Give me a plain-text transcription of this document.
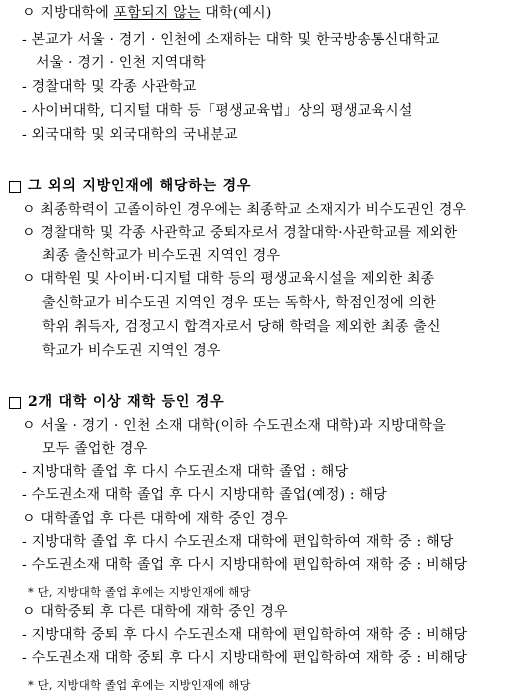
ㅇ 지방대학에 포함되지 않는 대학(예시)
- 본교가 서울 · 경기 · 인천에 소재하는 대학 및 한국방송통신대학교
서울 · 경기 · 인천 지역대학
- 경찰대학 및 각종 사관학교
- 사이버대학, 디지털 대학 등「평생교육법」상의 평생교육시설
- 외국대학 및 외국대학의 국내분교
그 외의 지방인재에 해당하는 경우
ㅇ 최종학력이 고졸이하인 경우에는 최종학교 소재지가 비수도권인 경우
ㅇ 경찰대학 및 각종 사관학교 중퇴자로서 경찰대학·사관학교를 제외한
최종 출신학교가 비수도권 지역인 경우
ㅇ 대학원 및 사이버·디지털 대학 등의 평생교육시설을 제외한 최종
출신학교가 비수도권 지역인 경우 또는 독학사, 학점인정에 의한
학위 취득자, 검정고시 합격자로서 당해 학력을 제외한 최종 출신
학교가 비수도권 지역인 경우
2개 대학 이상 재학 등인 경우
ㅇ 서울 · 경기 · 인천 소재 대학(이하 수도권소재 대학)과 지방대학을
모두 졸업한 경우
- 지방대학 졸업 후 다시 수도권소재 대학 졸업 : 해당
- 수도권소재 대학 졸업 후 다시 지방대학 졸업(예정) : 해당
ㅇ 대학졸업 후 다른 대학에 재학 중인 경우
- 지방대학 졸업 후 다시 수도권소재 대학에 편입학하여 재학 중 : 해당
- 수도권소재 대학 졸업 후 다시 지방대학에 편입학하여 재학 중 : 비해당
* 단, 지방대학 졸업 후에는 지방인재에 해당
ㅇ 대학중퇴 후 다른 대학에 재학 중인 경우
- 지방대학 중퇴 후 다시 수도권소재 대학에 편입학하여 재학 중 : 비해당
- 수도권소재 대학 중퇴 후 다시 지방대학에 편입학하여 재학 중 : 비해당
* 단, 지방대학 졸업 후에는 지방인재에 해당
